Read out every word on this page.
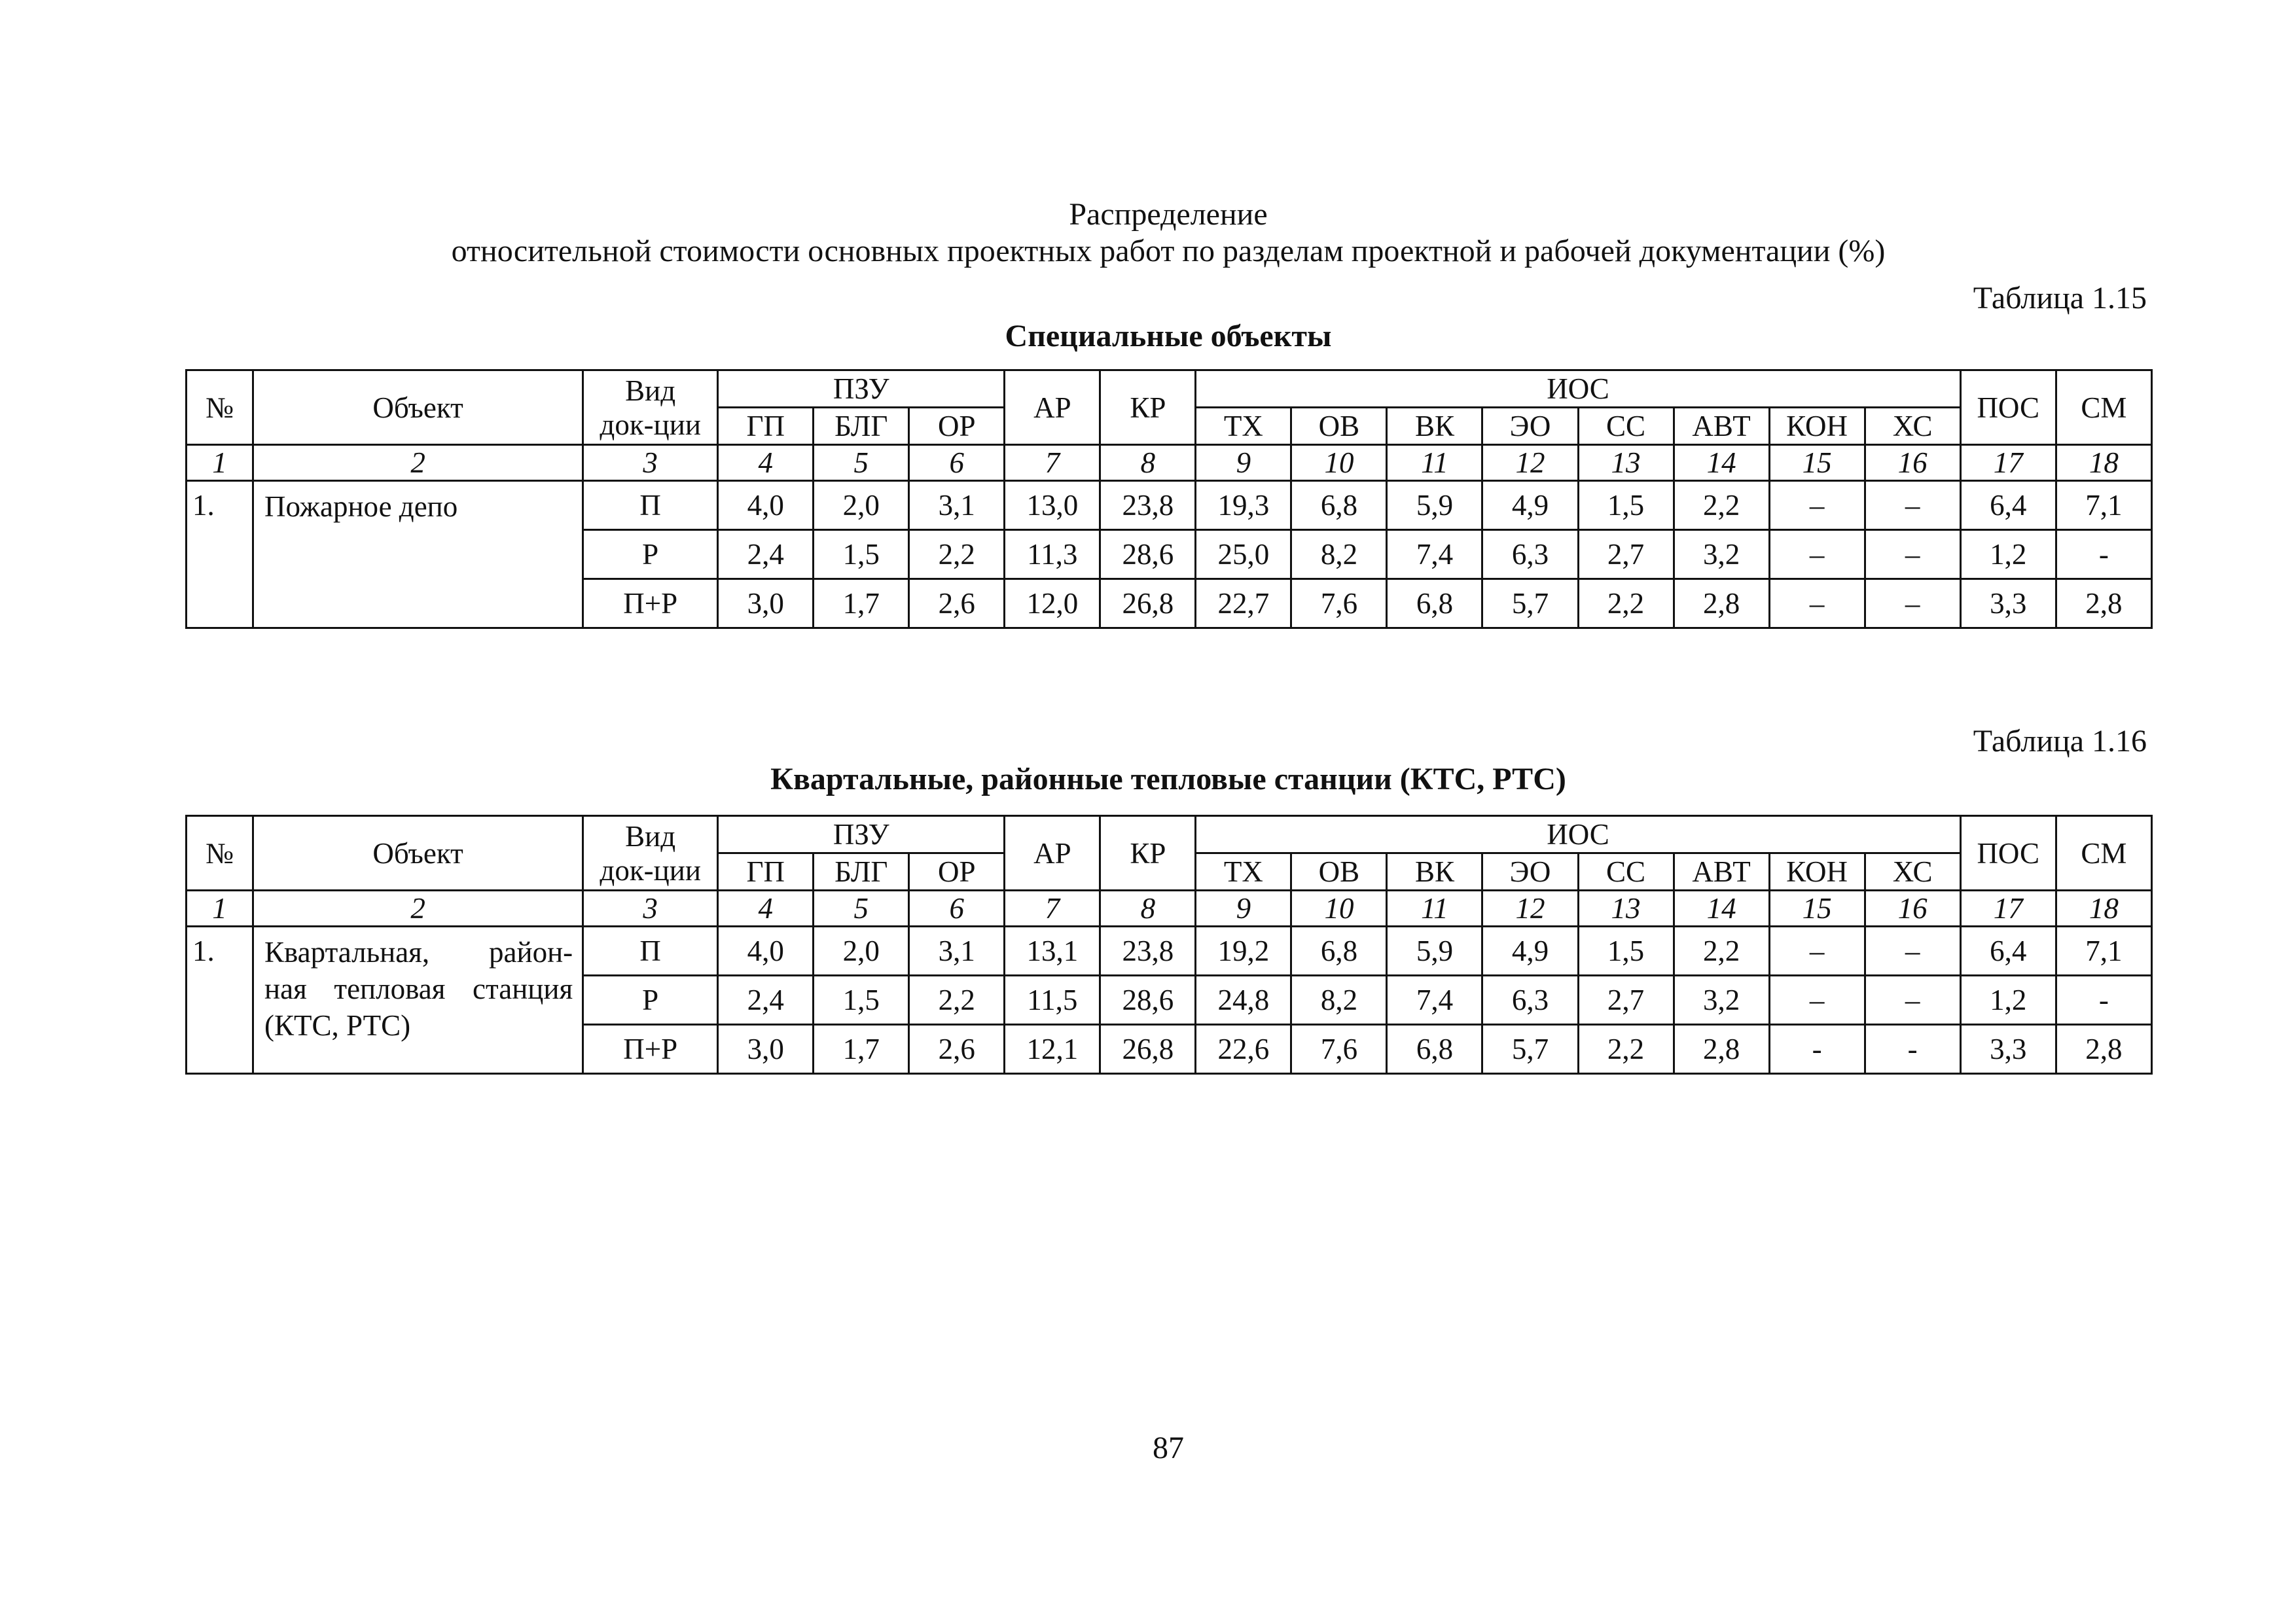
Распределение
относительной стоимости основных проектных работ по разделам проектной и рабочей документации (%)
Таблица 1.15
Специальные объекты
№	Объект	Вид
док-ции	ПЗУ			АР	КР	ИОС								ПОС	СМ
			ГП	БЛГ	ОР			ТХ	ОВ	ВК	ЭО	СС	АВТ	КОН	ХС		
1	2	3	4	5	6	7	8	9	10	11	12	13	14	15	16	17	18
1.	Пожарное депо	П	4,0	2,0	3,1	13,0	23,8	19,3	6,8	5,9	4,9	1,5	2,2	–	–	6,4	7,1
		Р	2,4	1,5	2,2	11,3	28,6	25,0	8,2	7,4	6,3	2,7	3,2	–	–	1,2	-
		П+Р	3,0	1,7	2,6	12,0	26,8	22,7	7,6	6,8	5,7	2,2	2,8	–	–	3,3	2,8
Таблица 1.16
Квартальные, районные тепловые станции (КТС, РТС)
№	Объект	Вид
док-ции	ПЗУ			АР	КР	ИОС								ПОС	СМ
			ГП	БЛГ	ОР			ТХ	ОВ	ВК	ЭО	СС	АВТ	КОН	ХС		
1	2	3	4	5	6	7	8	9	10	11	12	13	14	15	16	17	18
1.	Квартальная, район-
ная тепловая станция
(КТС, РТС)	П	4,0	2,0	3,1	13,1	23,8	19,2	6,8	5,9	4,9	1,5	2,2	–	–	6,4	7,1
		Р	2,4	1,5	2,2	11,5	28,6	24,8	8,2	7,4	6,3	2,7	3,2	–	–	1,2	-
		П+Р	3,0	1,7	2,6	12,1	26,8	22,6	7,6	6,8	5,7	2,2	2,8	-	-	3,3	2,8
87
